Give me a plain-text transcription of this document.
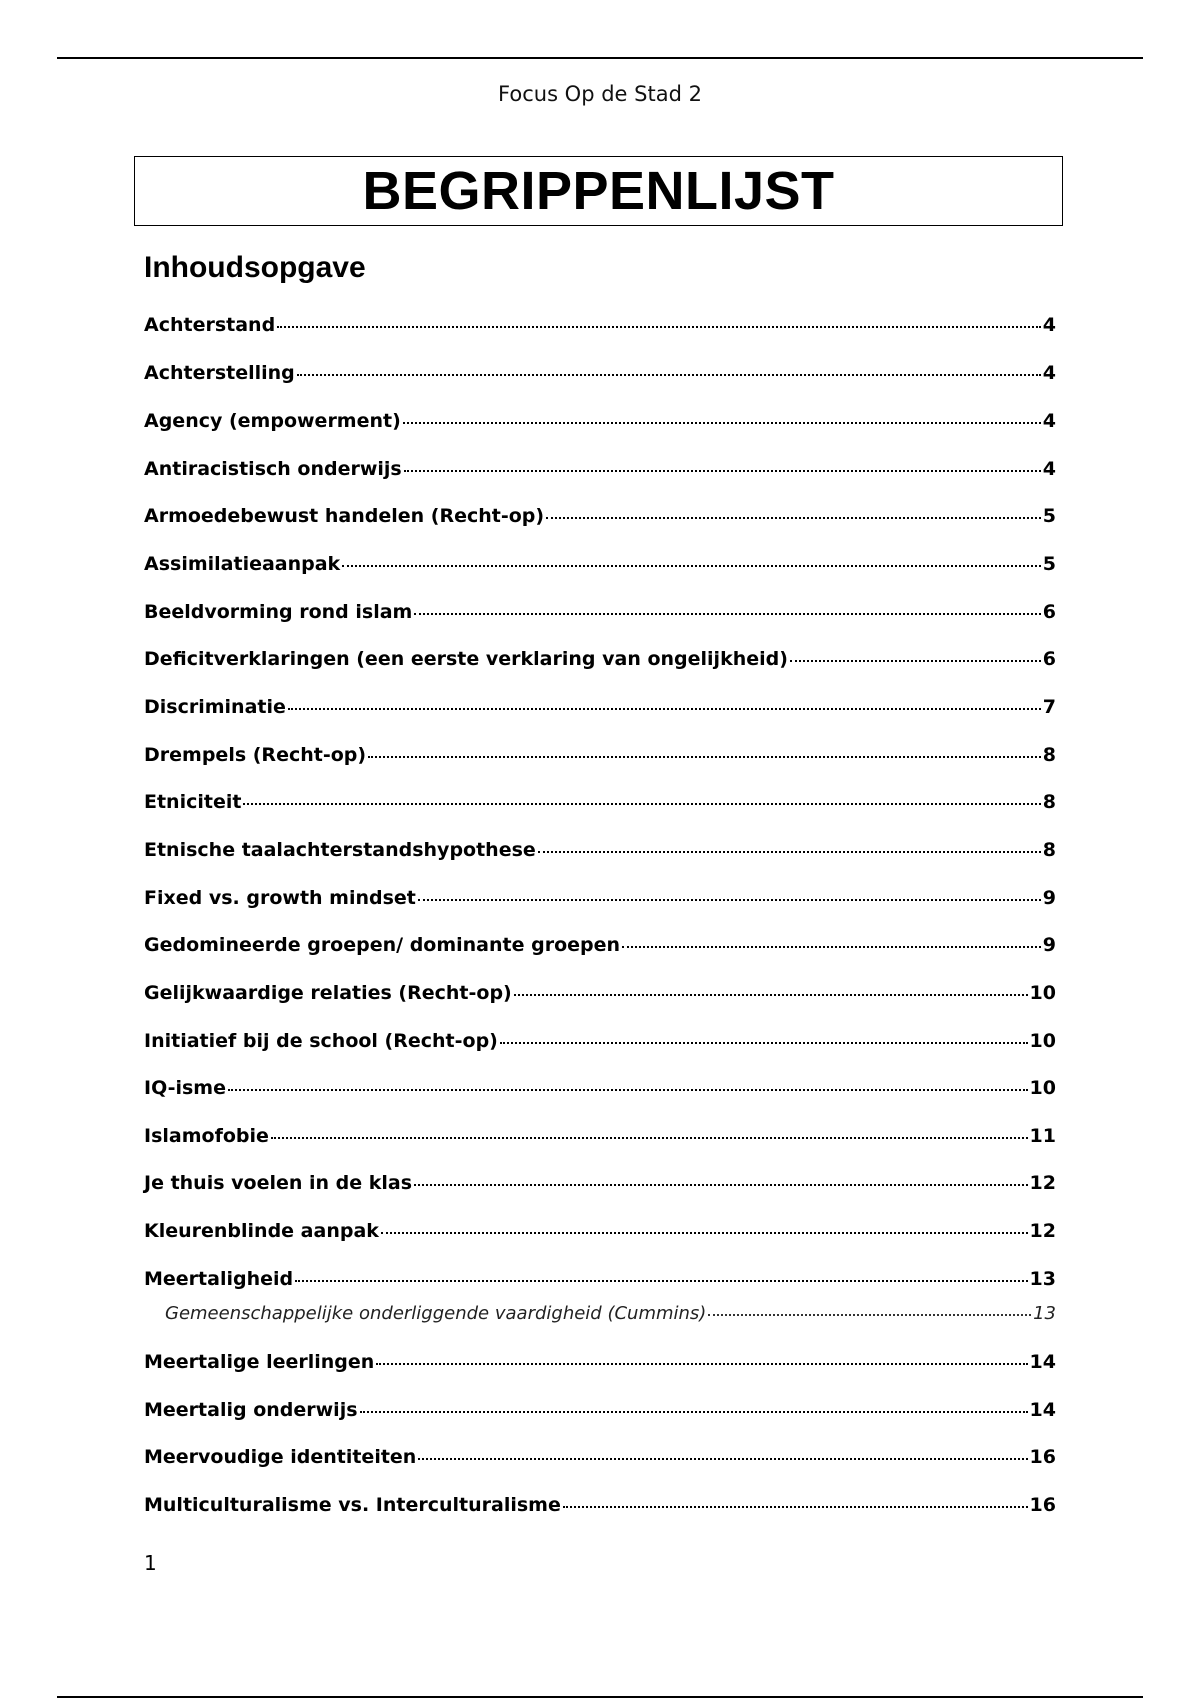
Focus Op de Stad 2
BEGRIPPENLIJST
Inhoudsopgave
Achterstand	4
Achterstelling	4
Agency (empowerment)	4
Antiracistisch onderwijs	4
Armoedebewust handelen (Recht-op)	5
Assimilatieaanpak	5
Beeldvorming rond islam	6
Deficitverklaringen (een eerste verklaring van ongelijkheid)	6
Discriminatie	7
Drempels (Recht-op)	8
Etniciteit	8
Etnische taalachterstandshypothese	8
Fixed vs. growth mindset	9
Gedomineerde groepen/ dominante groepen	9
Gelijkwaardige relaties (Recht-op)	10
Initiatief bij de school (Recht-op)	10
IQ-isme	10
Islamofobie	11
Je thuis voelen in de klas	12
Kleurenblinde aanpak	12
Meertaligheid	13
Gemeenschappelijke onderliggende vaardigheid (Cummins)	13
Meertalige leerlingen	14
Meertalig onderwijs	14
Meervoudige identiteiten	16
Multiculturalisme vs. Interculturalisme	16
1
